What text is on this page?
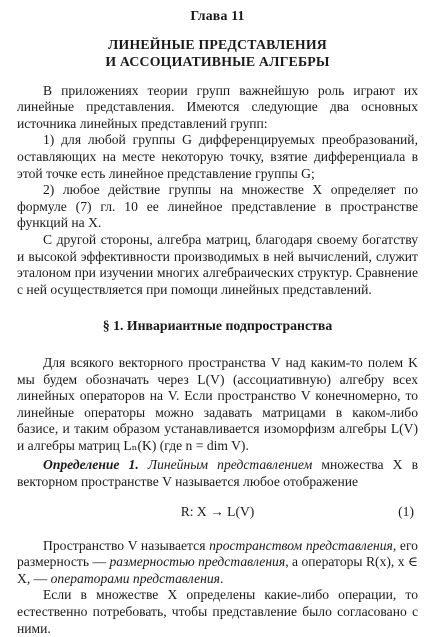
Глава 11
ЛИНЕЙНЫЕ ПРЕДСТАВЛЕНИЯ
И АССОЦИАТИВНЫЕ АЛГЕБРЫ

В приложениях теории групп важнейшую роль играют их линейные представления. Имеются следующие два основных источника линейных представлений групп:

1) для любой группы G дифференцируемых преобразований, оставляющих на месте некоторую точку, взятие дифференциала в этой точке есть линейное представление группы G;

2) любое действие группы на множестве X определяет по формуле (7) гл. 10 ее линейное представление в пространстве функций на X.

С другой стороны, алгебра матриц, благодаря своему богатству и высокой эффективности производимых в ней вычислений, служит эталоном при изучении многих алгебраических структур. Сравнение с ней осуществляется при помощи линейных представлений.

§ 1. Инвариантные подпространства

Для всякого векторного пространства V над каким-то полем K мы будем обозначать через L(V) (ассоциативную) алгебру всех линейных операторов на V. Если пространство V конечномерно, то линейные операторы можно задавать матрицами в каком-либо базисе, и таким образом устанавливается изоморфизм алгебры L(V) и алгебры матриц Lₙ(K) (где n = dim V).

Определение 1. Линейным представлением множества X в векторном пространстве V называется любое отображение

R: X → L(V)	(1)

Пространство V называется пространством представления, его размерность — размерностью представления, а операторы R(x), x ∈ X, — операторами представления.

Если в множестве X определены какие-либо операции, то естественно потребовать, чтобы представление было согласовано с ними.
